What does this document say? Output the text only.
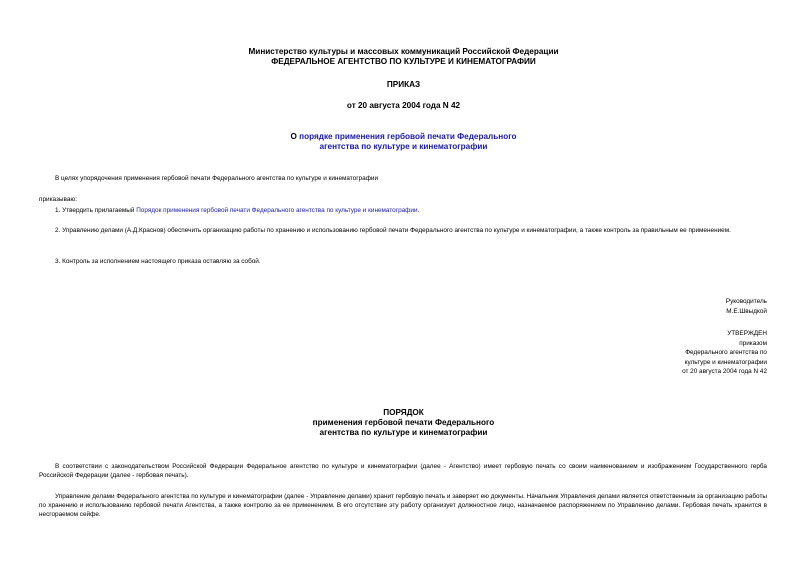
Министерство культуры и массовых коммуникаций Российской Федерации
ФЕДЕРАЛЬНОЕ АГЕНТСТВО ПО КУЛЬТУРЕ И КИНЕМАТОГРАФИИ
ПРИКАЗ
от 20 августа 2004 года N 42
О порядке применения гербовой печати Федерального
агентства по культуре и кинематографии
В целях упорядочения применения гербовой печати Федерального агентства по культуре и кинематографии
приказываю:
1. Утвердить прилагаемый Порядок применения гербовой печати Федерального агентства по культуре и кинематографии.
2. Управлению делами (А.Д.Краснов) обеспечить организацию работы по хранению и использованию гербовой печати Федерального агентства по культуре и кинематографии, а также контроль за правильным ее применением.
3. Контроль за исполнением настоящего приказа оставляю за собой.
Руководитель
М.Е.Швыдкой
УТВЕРЖДЕН
приказом
Федерального агентства по
культуре и кинематографии
от 20 августа 2004 года N 42
ПОРЯДОК
применения гербовой печати Федерального
агентства по культуре и кинематографии
В соответствии с законодательством Российской Федерации Федеральное агентство по культуре и кинематографии (далее - Агентство) имеет гербовую печать со своим наименованием и изображением Государственного герба Российской Федерации (далее - гербовая печать).
Управление делами Федерального агентства по культуре и кинематографии (далее - Управление делами) хранит гербовую печать и заверяет ею документы. Начальник Управления делами является ответственным за организацию работы по хранению и использованию гербовой печати Агентства, а также контролю за ее применением. В его отсутствие эту работу организует должностное лицо, назначаемое распоряжением по Управлению делами. Гербовая печать хранится в несгораемом сейфе.
